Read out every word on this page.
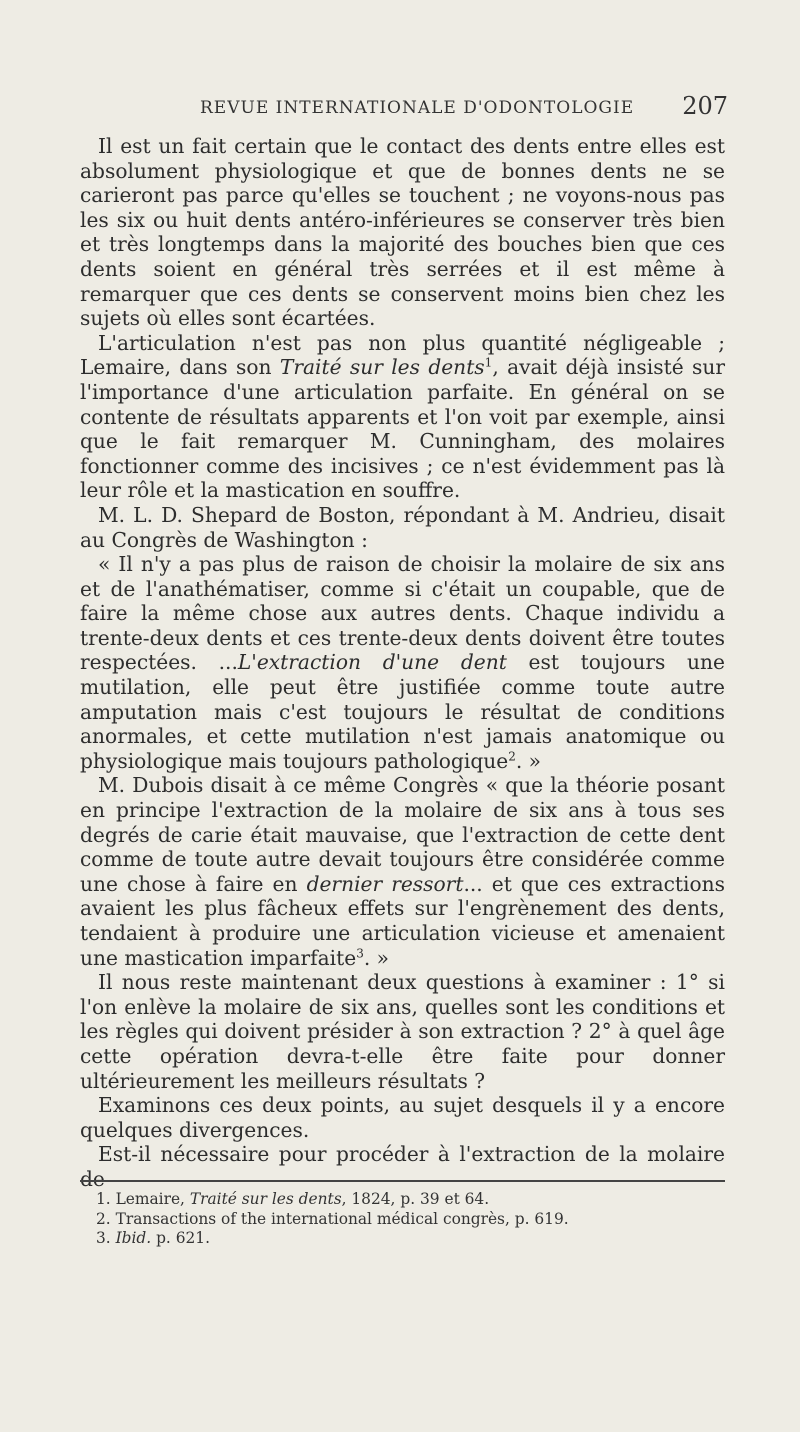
REVUE INTERNATIONALE D'ODONTOLOGIE 207

Il est un fait certain que le contact des dents entre elles est absolument physiologique et que de bonnes dents ne se carieront pas parce qu'elles se touchent ; ne voyons-nous pas les six ou huit dents antéro-inférieures se conserver très bien et très longtemps dans la majorité des bouches bien que ces dents soient en général très serrées et il est même à remarquer que ces dents se conservent moins bien chez les sujets où elles sont écartées.

L'articulation n'est pas non plus quantité négligeable ; Lemaire, dans son Traité sur les dents$^1$, avait déjà insisté sur l'importance d'une articulation parfaite. En général on se contente de résultats apparents et l'on voit par exemple, ainsi que le fait remarquer M. Cunningham, des molaires fonctionner comme des incisives ; ce n'est évidemment pas là leur rôle et la mastication en souffre.

M. L. D. Shepard de Boston, répondant à M. Andrieu, disait au Congrès de Washington :

« Il n'y a pas plus de raison de choisir la molaire de six ans et de l'anathématiser, comme si c'était un coupable, que de faire la même chose aux autres dents. Chaque individu a trente-deux dents et ces trente-deux dents doivent être toutes respectées. ...L'extraction d'une dent est toujours une mutilation, elle peut être justifiée comme toute autre amputation mais c'est toujours le résultat de conditions anormales, et cette mutilation n'est jamais anatomique ou physiologique mais toujours pathologique$^2$. »

M. Dubois disait à ce même Congrès « que la théorie posant en principe l'extraction de la molaire de six ans à tous ses degrés de carie était mauvaise, que l'extraction de cette dent comme de toute autre devait toujours être considérée comme une chose à faire en dernier ressort... et que ces extractions avaient les plus fâcheux effets sur l'engrènement des dents, tendaient à produire une articulation vicieuse et amenaient une mastication imparfaite$^3$. »

Il nous reste maintenant deux questions à examiner : 1° si l'on enlève la molaire de six ans, quelles sont les conditions et les règles qui doivent présider à son extraction ? 2° à quel âge cette opération devra-t-elle être faite pour donner ultérieurement les meilleurs résultats ?

Examinons ces deux points, au sujet desquels il y a encore quelques divergences.

Est-il nécessaire pour procéder à l'extraction de la molaire de

1. Lemaire, Traité sur les dents, 1824, p. 39 et 64.
2. Transactions of the international médical congrès, p. 619.
3. Ibid. p. 621.
